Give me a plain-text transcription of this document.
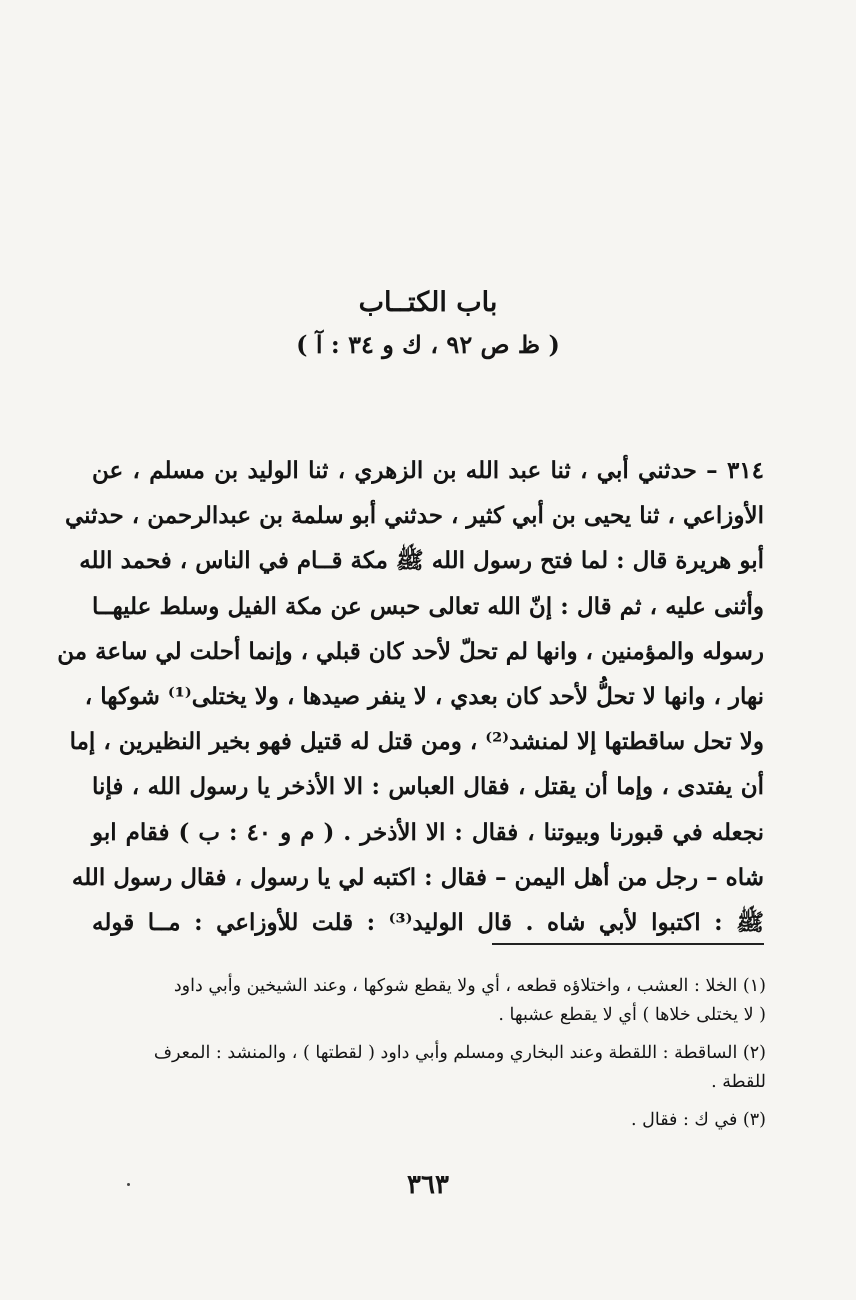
باب الكتــاب
( ظ ص ٩٢ ، ك و ٣٤ : آ )
٣١٤ – حدثني أبي ، ثنا عبد الله بن الزهري ، ثنا الوليد بن مسلم ، عن
الأوزاعي ، ثنا يحيى بن أبي كثير ، حدثني أبو سلمة بن عبدالرحمن ، حدثني
أبو هريرة قال : لما فتح رسول الله ﷺ مكة قــام في الناس ، فحمد الله
وأثنى عليه ، ثم قال : إنّ الله تعالى حبس عن مكة الفيل وسلط عليهــا
رسوله والمؤمنين ، وانها لم تحلّ لأحد كان قبلي ، وإنما أحلت لي ساعة من
نهار ، وانها لا تحلُّ لأحد كان بعدي ، لا ينفر صيدها ، ولا يختلى⁽¹⁾ شوكها ،
ولا تحل ساقطتها إلا لمنشد⁽²⁾ ، ومن قتل له قتيل فهو بخير النظيرين ، إما
أن يفتدى ، وإما أن يقتل ، فقال العباس : الا الأذخر يا رسول الله ، فإنا
نجعله في قبورنا وبيوتنا ، فقال : الا الأذخر . ( م و ٤٠ : ب ) فقام ابو
شاه – رجل من أهل اليمن – فقال : اكتبه لي يا رسول ، فقال رسول الله
ﷺ : اكتبوا لأبي شاه . قال الوليد⁽³⁾ : قلت للأوزاعي : مــا قوله
(١) الخلا : العشب ، واختلاؤه قطعه ، أي ولا يقطع شوكها ، وعند الشيخين وأبي داود
( لا يختلى خلاها ) أي لا يقطع عشبها .
(٢) الساقطة : اللقطة وعند البخاري ومسلم وأبي داود ( لقطتها ) ، والمنشد : المعرف
للقطة .
(٣) في ك : فقال .
٣٦٣
